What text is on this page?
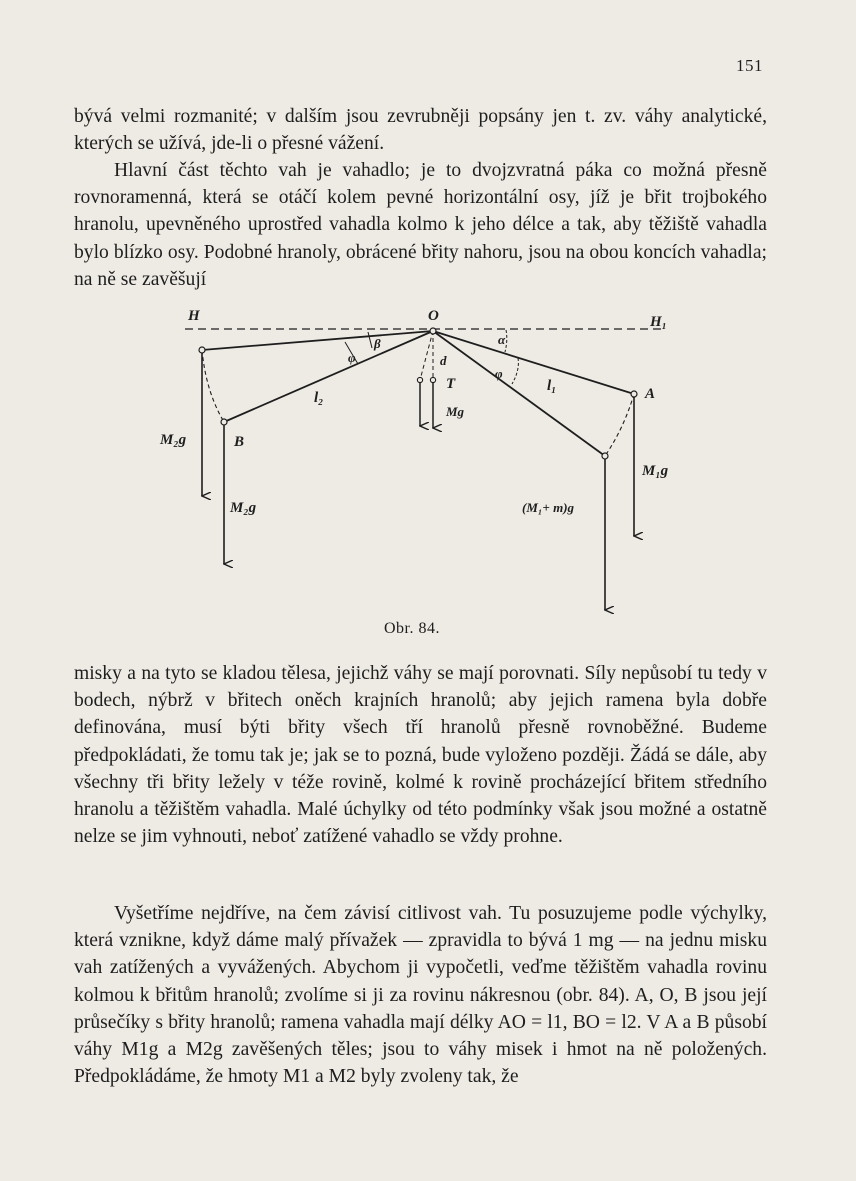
151

bývá velmi rozmanité; v dalším jsou zevrubněji popsány jen t. zv. váhy analytické, kterých se užívá, jde-li o přesné vážení.

Hlavní část těchto vah je vahadlo; je to dvojzvratná páka co možná přesně rovnoramenná, která se otáčí kolem pevné horizontální osy, jíž je břit trojbokého hranolu, upevněného uprostřed vahadla kolmo k jeho délce a tak, aby těžiště vahadla bylo blízko osy. Podobné hranoly, obrácené břity nahoru, jsou na obou koncích vahadla; na ně se zavěšují

H	H₁
O
A
B
T
d
α
β
φ
φ
l₁
l₂
M₂g
M₂g
M₁g
Mg
(M₁+ m)g
Obr. 84.

misky a na tyto se kladou tělesa, jejichž váhy se mají porovnati. Síly nepůsobí tu tedy v bodech, nýbrž v břitech oněch krajních hranolů; aby jejich ramena byla dobře definována, musí býti břity všech tří hranolů přesně rovnoběžné. Budeme předpokládati, že tomu tak je; jak se to pozná, bude vyloženo později. Žádá se dále, aby všechny tři břity ležely v téže rovině, kolmé k rovině procházející břitem středního hranolu a těžištěm vahadla. Malé úchylky od této podmínky však jsou možné a ostatně nelze se jim vyhnouti, neboť zatížené vahadlo se vždy prohne.

Vyšetříme nejdříve, na čem závisí citlivost vah. Tu posuzujeme podle výchylky, která vznikne, když dáme malý přívažek — zpravidla to bývá 1 mg — na jednu misku vah zatížených a vyvážených. Abychom ji vypočetli, veďme těžištěm vahadla rovinu kolmou k břitům hranolů; zvolíme si ji za rovinu nákresnou (obr. 84). A, O, B jsou její průsečíky s břity hranolů; ramena vahadla mají délky AO = l1, BO = l2. V A a B působí váhy M1g a M2g zavěšených těles; jsou to váhy misek i hmot na ně položených. Předpokládáme, že hmoty M1 a M2 byly zvoleny tak, že
